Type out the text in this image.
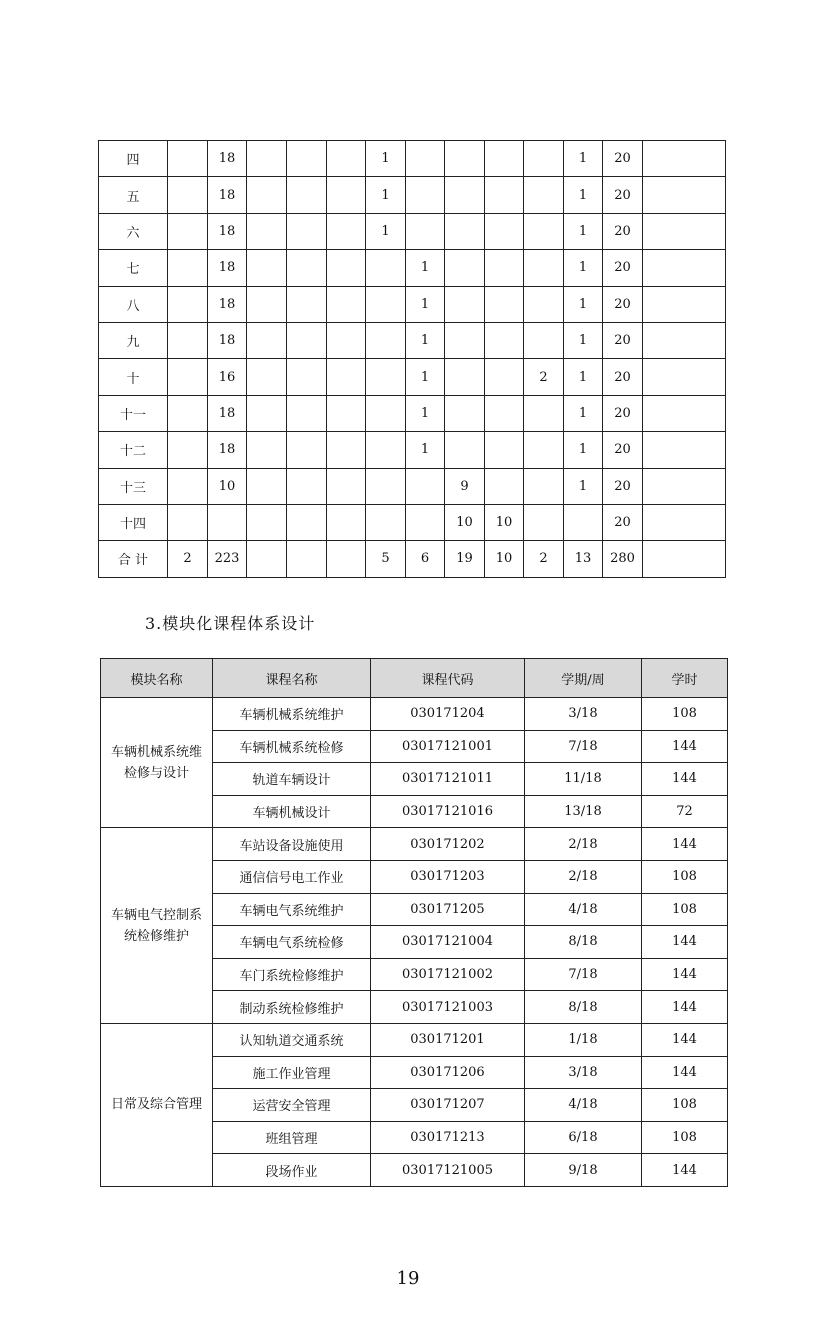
四		18				1					1	20	
五		18				1					1	20	
六		18				1					1	20	
七		18					1				1	20	
八		18					1				1	20	
九		18					1				1	20	
十		16					1			2	1	20	
十一		18					1				1	20	
十二		18					1				1	20	
十三		10						9			1	20	
十四								10	10			20	
合 计	2	223				5	6	19	10	2	13	280	
3.模块化课程体系设计
模块名称	课程名称	课程代码	学期/周	学时
车辆机械系统维检修与设计	车辆机械系统维护	030171204	3/18	108
	车辆机械系统检修	03017121001	7/18	144
	轨道车辆设计	03017121011	11/18	144
	车辆机械设计	03017121016	13/18	72
车辆电气控制系统检修维护	车站设备设施使用	030171202	2/18	144
	通信信号电工作业	030171203	2/18	108
	车辆电气系统维护	030171205	4/18	108
	车辆电气系统检修	03017121004	8/18	144
	车门系统检修维护	03017121002	7/18	144
	制动系统检修维护	03017121003	8/18	144
日常及综合管理	认知轨道交通系统	030171201	1/18	144
	施工作业管理	030171206	3/18	144
	运营安全管理	030171207	4/18	108
	班组管理	030171213	6/18	108
	段场作业	03017121005	9/18	144
19
